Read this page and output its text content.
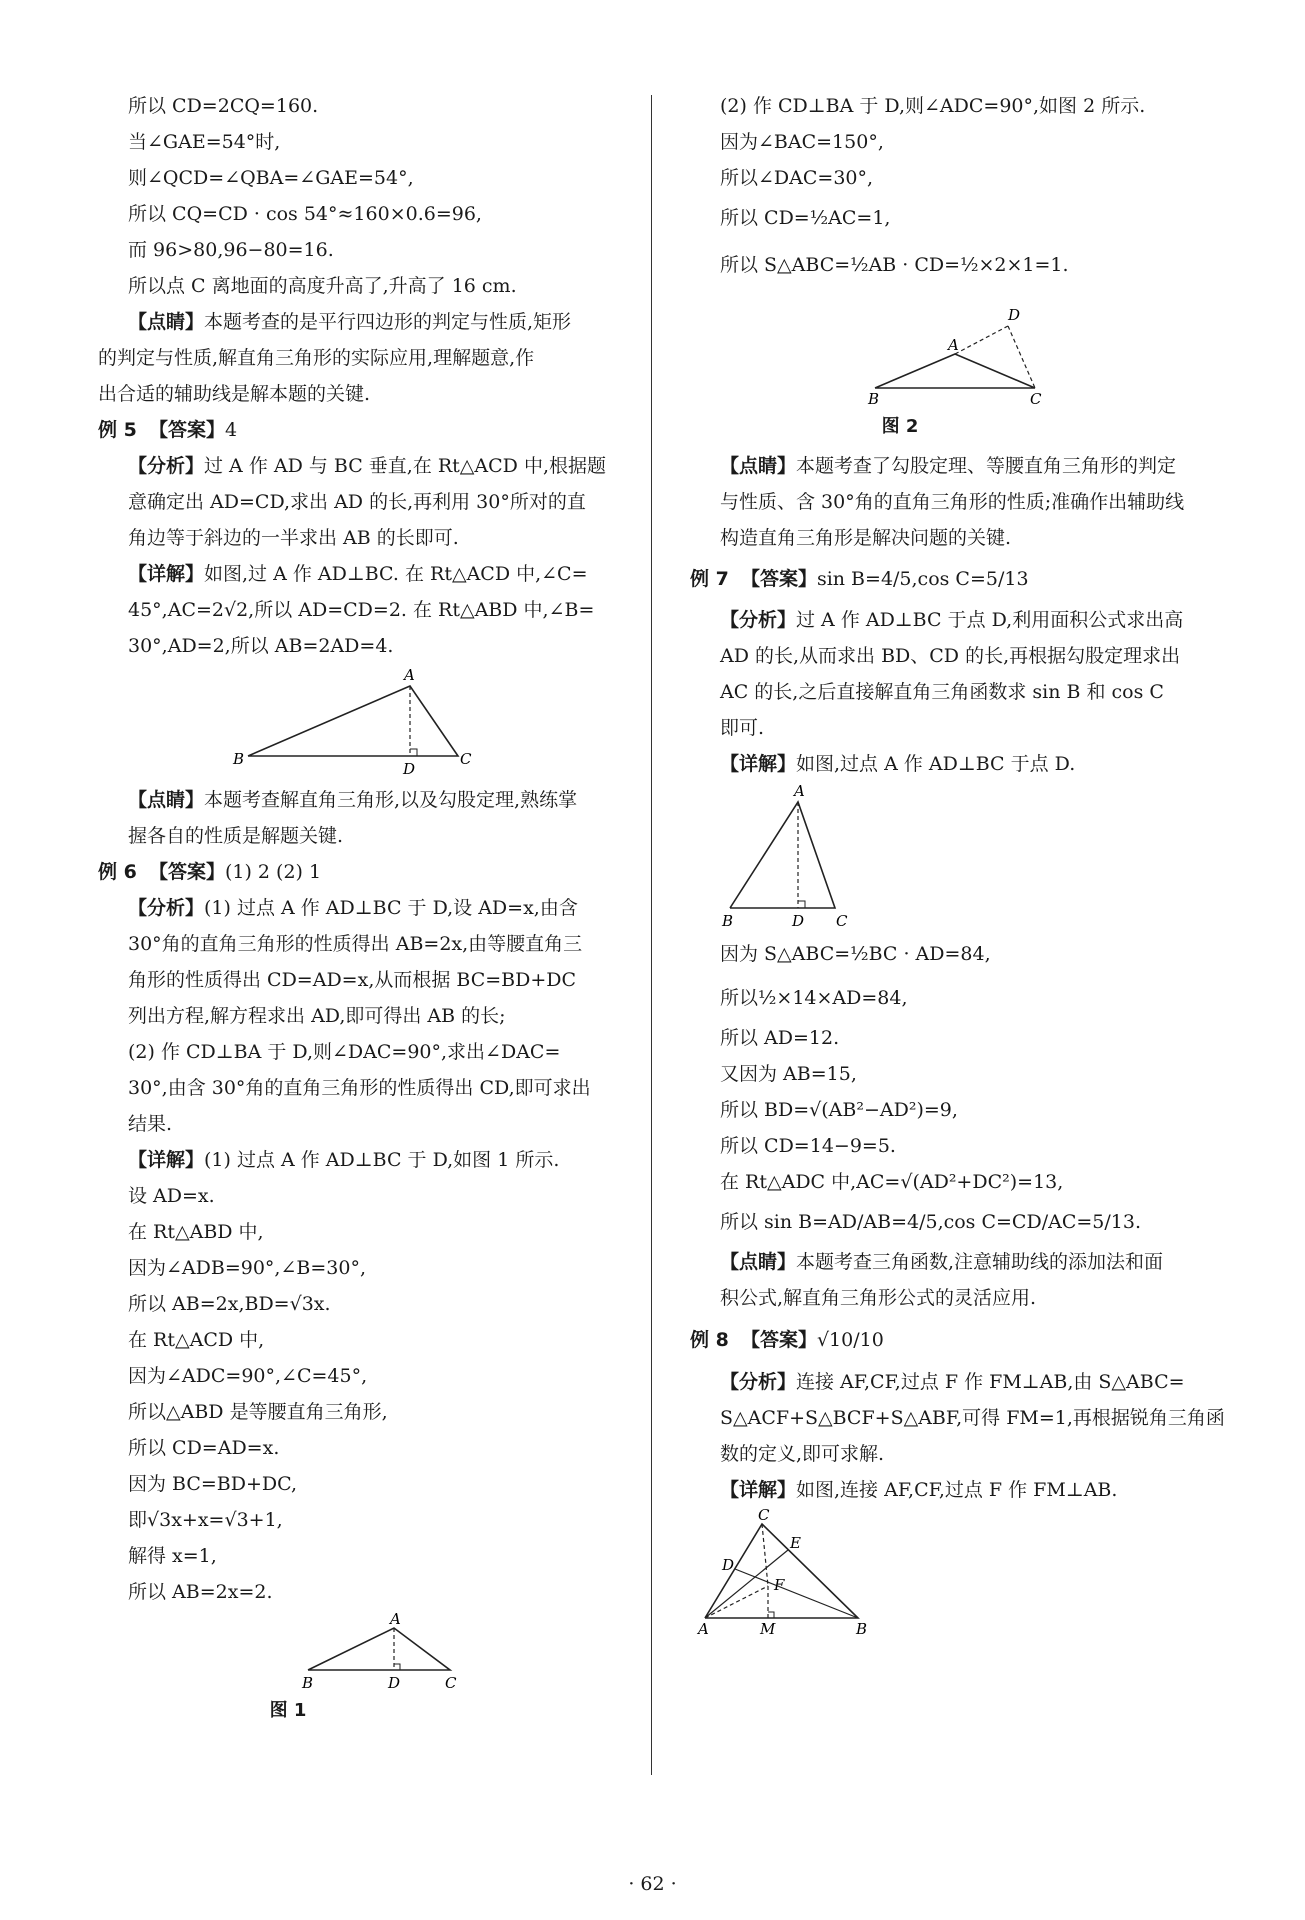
所以 CD=2CQ=160.
当∠GAE=54°时,
则∠QCD=∠QBA=∠GAE=54°,
所以 CQ=CD · cos 54°≈160×0.6=96,
而 96>80,96−80=16.
所以点 C 离地面的高度升高了,升高了 16 cm.
【点睛】本题考查的是平行四边形的判定与性质,矩形
的判定与性质,解直角三角形的实际应用,理解题意,作
出合适的辅助线是解本题的关键.
例 5 【答案】4
【分析】过 A 作 AD 与 BC 垂直,在 Rt△ACD 中,根据题
意确定出 AD=CD,求出 AD 的长,再利用 30°所对的直
角边等于斜边的一半求出 AB 的长即可.
【详解】如图,过 A 作 AD⊥BC. 在 Rt△ACD 中,∠C=
45°,AC=2√2,所以 AD=CD=2. 在 Rt△ABD 中,∠B=
30°,AD=2,所以 AB=2AD=4.
A
B	C
D
【点睛】本题考查解直角三角形,以及勾股定理,熟练掌
握各自的性质是解题关键.
例 6 【答案】(1) 2 (2) 1
【分析】(1) 过点 A 作 AD⊥BC 于 D,设 AD=x,由含
30°角的直角三角形的性质得出 AB=2x,由等腰直角三
角形的性质得出 CD=AD=x,从而根据 BC=BD+DC
列出方程,解方程求出 AD,即可得出 AB 的长;
(2) 作 CD⊥BA 于 D,则∠DAC=90°,求出∠DAC=
30°,由含 30°角的直角三角形的性质得出 CD,即可求出
结果.
【详解】(1) 过点 A 作 AD⊥BC 于 D,如图 1 所示.
设 AD=x.
在 Rt△ABD 中,
因为∠ADB=90°,∠B=30°,
所以 AB=2x,BD=√3x.
在 Rt△ACD 中,
因为∠ADC=90°,∠C=45°,
所以△ABD 是等腰直角三角形,
所以 CD=AD=x.
因为 BC=BD+DC,
即√3x+x=√3+1,
解得 x=1,
所以 AB=2x=2.
A
B	C
D
图 1
(2) 作 CD⊥BA 于 D,则∠ADC=90°,如图 2 所示.
因为∠BAC=150°,
所以∠DAC=30°,
所以 CD=½AC=1,
所以 S△ABC=½AB · CD=½×2×1=1.
A
B	C
D
图 2
【点睛】本题考查了勾股定理、等腰直角三角形的判定
与性质、含 30°角的直角三角形的性质;准确作出辅助线
构造直角三角形是解决问题的关键.
例 7 【答案】sin B=4/5,cos C=5/13
【分析】过 A 作 AD⊥BC 于点 D,利用面积公式求出高
AD 的长,从而求出 BD、CD 的长,再根据勾股定理求出
AC 的长,之后直接解直角三角函数求 sin B 和 cos C
即可.
【详解】如图,过点 A 作 AD⊥BC 于点 D.
A
B	C
D
因为 S△ABC=½BC · AD=84,
所以½×14×AD=84,
所以 AD=12.
又因为 AB=15,
所以 BD=√(AB²−AD²)=9,
所以 CD=14−9=5.
在 Rt△ADC 中,AC=√(AD²+DC²)=13,
所以 sin B=AD/AB=4/5,cos C=CD/AC=5/13.
【点睛】本题考查三角函数,注意辅助线的添加法和面
积公式,解直角三角形公式的灵活应用.
例 8 【答案】√10/10
【分析】连接 AF,CF,过点 F 作 FM⊥AB,由 S△ABC=
S△ACF+S△BCF+S△ABF,可得 FM=1,再根据锐角三角函
数的定义,即可求解.
【详解】如图,连接 AF,CF,过点 F 作 FM⊥AB.
C
D
E
F
A	M	B
· 62 ·
